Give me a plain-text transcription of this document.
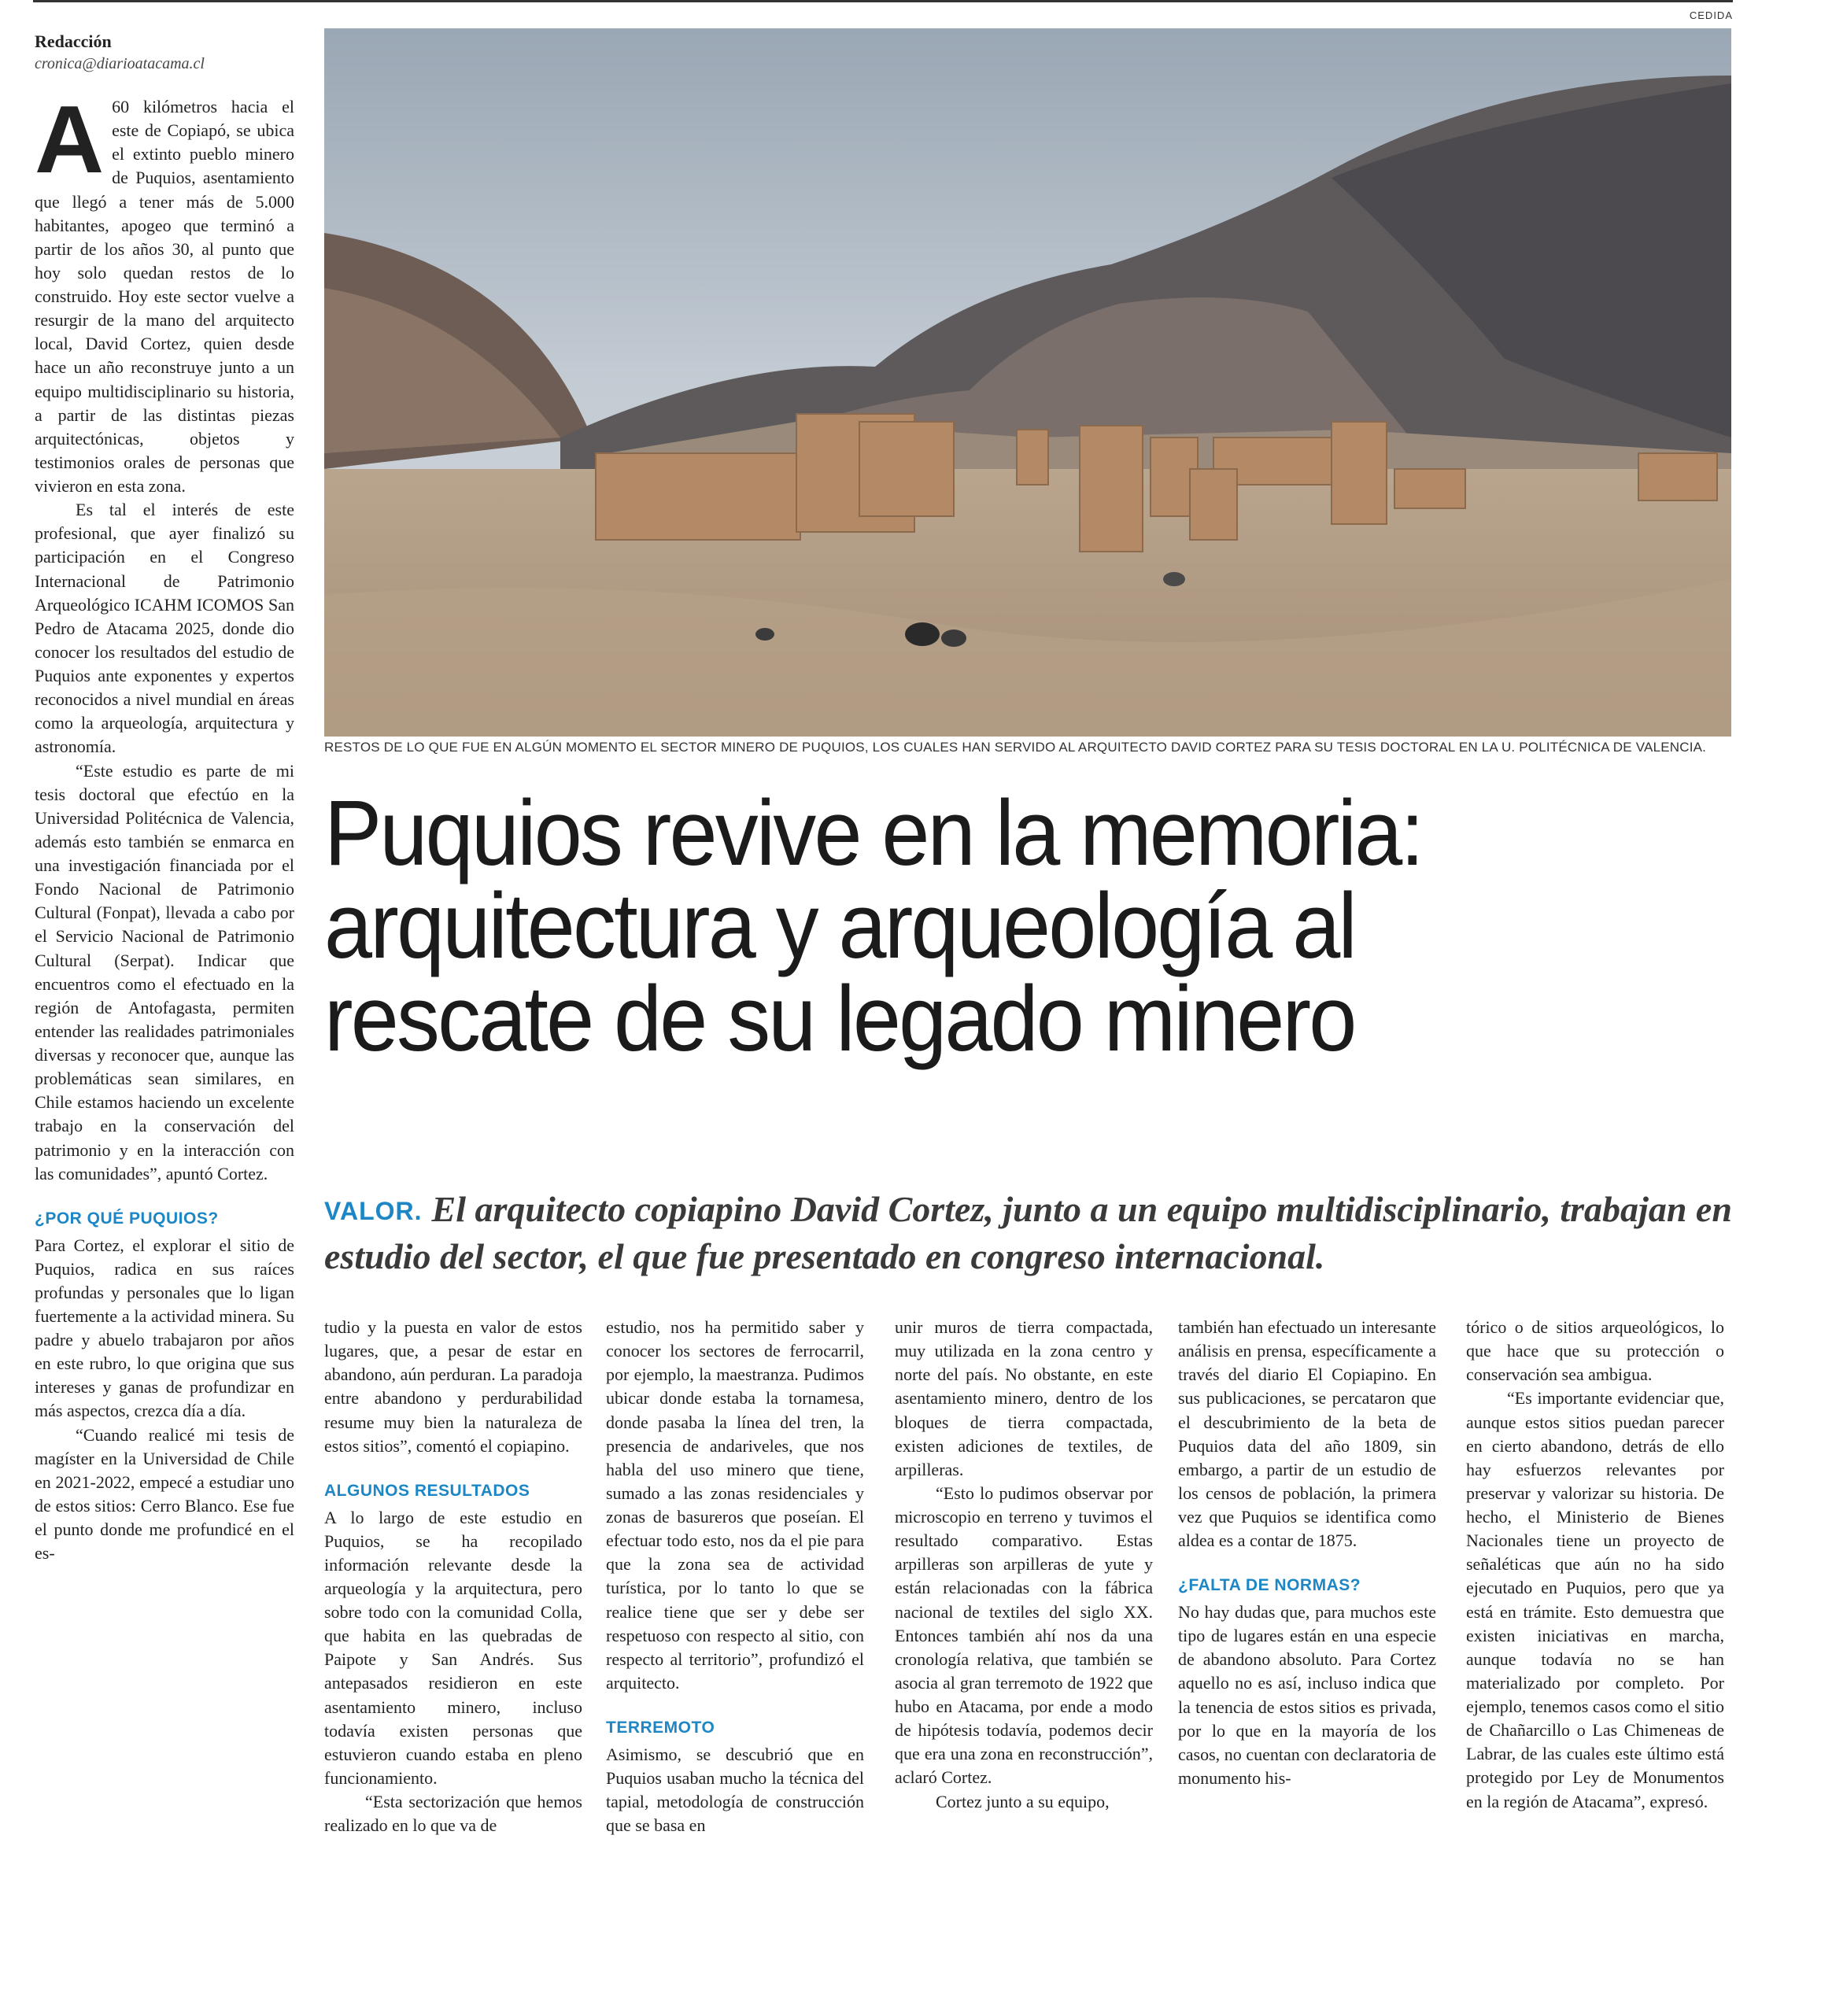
CEDIDA
Redacción
cronica@diarioatacama.cl

A 60 kilómetros hacia el este de Copiapó, se ubica el extinto pueblo minero de Puquios, asentamiento que llegó a tener más de 5.000 habitantes, apogeo que terminó a partir de los años 30, al punto que hoy solo quedan restos de lo construido. Hoy este sector vuelve a resurgir de la mano del arquitecto local, David Cortez, quien desde hace un año reconstruye junto a un equipo multidisciplinario su historia, a partir de las distintas piezas arquitectónicas, objetos y testimonios orales de personas que vivieron en esta zona.

Es tal el interés de este profesional, que ayer finalizó su participación en el Congreso Internacional de Patrimonio Arqueológico ICAHM ICOMOS San Pedro de Atacama 2025, donde dio conocer los resultados del estudio de Puquios ante exponentes y expertos reconocidos a nivel mundial en áreas como la arqueología, arquitectura y astronomía.

“Este estudio es parte de mi tesis doctoral que efectúo en la Universidad Politécnica de Valencia, además esto también se enmarca en una investigación financiada por el Fondo Nacional de Patrimonio Cultural (Fonpat), llevada a cabo por el Servicio Nacional de Patrimonio Cultural (Serpat). Indicar que encuentros como el efectuado en la región de Antofagasta, permiten entender las realidades patrimoniales diversas y reconocer que, aunque las problemáticas sean similares, en Chile estamos haciendo un excelente trabajo en la conservación del patrimonio y en la interacción con las comunidades”, apuntó Cortez.

¿POR QUÉ PUQUIOS?

Para Cortez, el explorar el sitio de Puquios, radica en sus raíces profundas y personales que lo ligan fuertemente a la actividad minera. Su padre y abuelo trabajaron por años en este rubro, lo que origina que sus intereses y ganas de profundizar en más aspectos, crezca día a día.

“Cuando realicé mi tesis de magíster en la Universidad de Chile en 2021-2022, empecé a estudiar uno de estos sitios: Cerro Blanco. Ese fue el punto donde me profundicé en el es-

RESTOS DE LO QUE FUE EN ALGÚN MOMENTO EL SECTOR MINERO DE PUQUIOS, LOS CUALES HAN SERVIDO AL ARQUITECTO DAVID CORTEZ PARA SU TESIS DOCTORAL EN LA U. POLITÉCNICA DE VALENCIA.
Puquios revive en la memoria:
arquitectura y arqueología al
rescate de su legado minero
VALOR. El arquitecto copiapino David Cortez, junto a un equipo multidisciplinario, trabajan en estudio del sector, el que fue presentado en congreso internacional.

tudio y la puesta en valor de estos lugares, que, a pesar de estar en abandono, aún perduran. La paradoja entre abandono y perdurabilidad resume muy bien la naturaleza de estos sitios”, comentó el copiapino.

ALGUNOS RESULTADOS

A lo largo de este estudio en Puquios, se ha recopilado información relevante desde la arqueología y la arquitectura, pero sobre todo con la comunidad Colla, que habita en las quebradas de Paipote y San Andrés. Sus antepasados residieron en este asentamiento minero, incluso todavía existen personas que estuvieron cuando estaba en pleno funcionamiento.

“Esta sectorización que hemos realizado en lo que va de

estudio, nos ha permitido saber y conocer los sectores de ferrocarril, por ejemplo, la maestranza. Pudimos ubicar donde estaba la tornamesa, donde pasaba la línea del tren, la presencia de andariveles, que nos habla del uso minero que tiene, sumado a las zonas residenciales y zonas de basureros que poseían. El efectuar todo esto, nos da el pie para que la zona sea de actividad turística, por lo tanto lo que se realice tiene que ser y debe ser respetuoso con respecto al sitio, con respecto al territorio”, profundizó el arquitecto.

TERREMOTO

Asimismo, se descubrió que en Puquios usaban mucho la técnica del tapial, metodología de construcción que se basa en

unir muros de tierra compactada, muy utilizada en la zona centro y norte del país. No obstante, en este asentamiento minero, dentro de los bloques de tierra compactada, existen adiciones de textiles, de arpilleras.

“Esto lo pudimos observar por microscopio en terreno y tuvimos el resultado comparativo. Estas arpilleras son arpilleras de yute y están relacionadas con la fábrica nacional de textiles del siglo XX. Entonces también ahí nos da una cronología relativa, que también se asocia al gran terremoto de 1922 que hubo en Atacama, por ende a modo de hipótesis todavía, podemos decir que era una zona en reconstrucción”, aclaró Cortez.

Cortez junto a su equipo,

también han efectuado un interesante análisis en prensa, específicamente a través del diario El Copiapino. En sus publicaciones, se percataron que el descubrimiento de la beta de Puquios data del año 1809, sin embargo, a partir de un estudio de los censos de población, la primera vez que Puquios se identifica como aldea es a contar de 1875.

¿FALTA DE NORMAS?

No hay dudas que, para muchos este tipo de lugares están en una especie de abandono absoluto. Para Cortez aquello no es así, incluso indica que la tenencia de estos sitios es privada, por lo que en la mayoría de los casos, no cuentan con declaratoria de monumento his-

tórico o de sitios arqueológicos, lo que hace que su protección o conservación sea ambigua.

“Es importante evidenciar que, aunque estos sitios puedan parecer en cierto abandono, detrás de ello hay esfuerzos relevantes por preservar y valorizar su historia. De hecho, el Ministerio de Bienes Nacionales tiene un proyecto de señaléticas que aún no ha sido ejecutado en Puquios, pero que ya está en trámite. Esto demuestra que existen iniciativas en marcha, aunque todavía no se han materializado por completo. Por ejemplo, tenemos casos como el sitio de Chañarcillo o Las Chimeneas de Labrar, de las cuales este último está protegido por Ley de Monumentos en la región de Atacama”, expresó.
